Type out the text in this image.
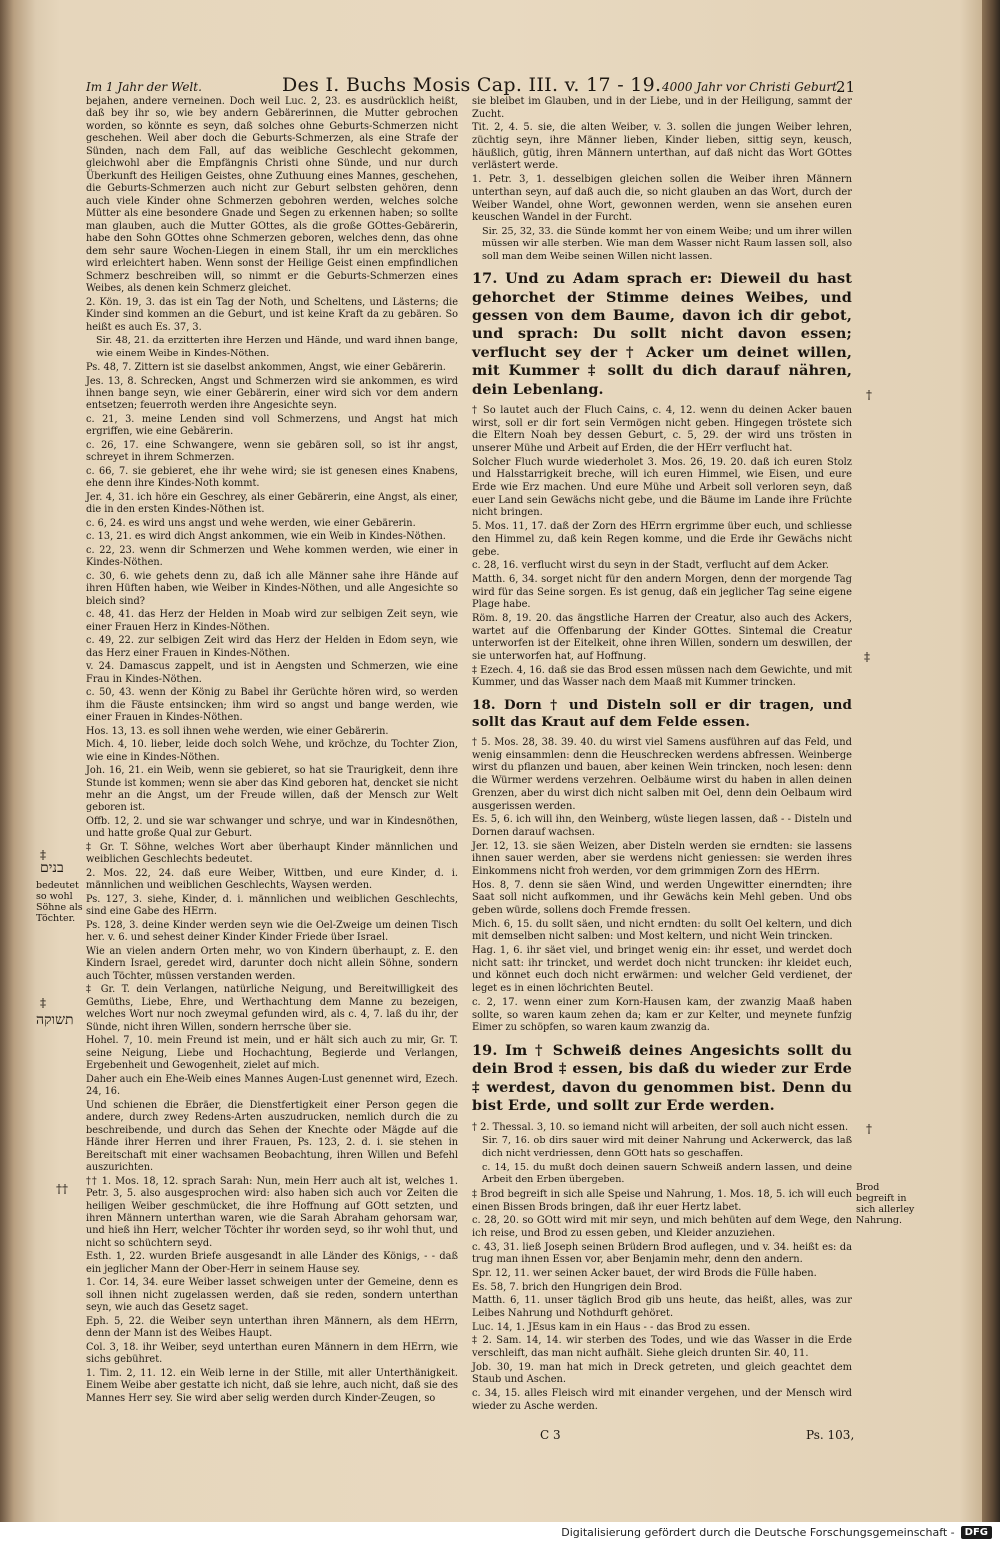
Im 1 Jahr der Welt.	Des I. Buchs Mosis Cap. III. v. 17 - 19. 4000 Jahr vor Christi Geburt.
21

bejahen, andere verneinen. Doch weil Luc. 2, 23. es ausdrücklich heißt, daß bey ihr so, wie bey andern Gebärerinnen, die Mutter gebrochen worden, so könnte es seyn, daß solches ohne Geburts-Schmerzen nicht geschehen. Weil aber doch die Geburts-Schmerzen, als eine Strafe der Sünden, nach dem Fall, auf das weibliche Geschlecht gekommen, gleichwohl aber die Empfängnis Christi ohne Sünde, und nur durch Überkunft des Heiligen Geistes, ohne Zuthuung eines Mannes, geschehen, die Geburts-Schmerzen auch nicht zur Geburt selbsten gehören, denn auch viele Kinder ohne Schmerzen gebohren werden, welches solche Mütter als eine besondere Gnade und Segen zu erkennen haben; so sollte man glauben, auch die Mutter GOttes, als die große GOttes-Gebärerin, habe den Sohn GOttes ohne Schmerzen geboren, welches denn, das ohne dem sehr saure Wochen-Liegen in einem Stall, ihr um ein merckliches wird erleichtert haben. Wenn sonst der Heilige Geist einen empfindlichen Schmerz beschreiben will, so nimmt er die Geburts-Schmerzen eines Weibes, als denen kein Schmerz gleichet.

2. Kön. 19, 3. das ist ein Tag der Noth, und Scheltens, und Lästerns; die Kinder sind kommen an die Geburt, und ist keine Kraft da zu gebären. So heißt es auch Es. 37, 3.

Sir. 48, 21. da erzitterten ihre Herzen und Hände, und ward ihnen bange, wie einem Weibe in Kindes-Nöthen.

Ps. 48, 7. Zittern ist sie daselbst ankommen, Angst, wie einer Gebärerin.

Jes. 13, 8. Schrecken, Angst und Schmerzen wird sie ankommen, es wird ihnen bange seyn, wie einer Gebärerin, einer wird sich vor dem andern entsetzen; feuerroth werden ihre Angesichte seyn.

c. 21, 3. meine Lenden sind voll Schmerzens, und Angst hat mich ergriffen, wie eine Gebärerin.

c. 26, 17. eine Schwangere, wenn sie gebären soll, so ist ihr angst, schreyet in ihrem Schmerzen.

c. 66, 7. sie gebieret, ehe ihr wehe wird; sie ist genesen eines Knabens, ehe denn ihre Kindes-Noth kommt.

Jer. 4, 31. ich höre ein Geschrey, als einer Gebärerin, eine Angst, als einer, die in den ersten Kindes-Nöthen ist.

c. 6, 24. es wird uns angst und wehe werden, wie einer Gebärerin.

c. 13, 21. es wird dich Angst ankommen, wie ein Weib in Kindes-Nöthen.

c. 22, 23. wenn dir Schmerzen und Wehe kommen werden, wie einer in Kindes-Nöthen.

c. 30, 6. wie gehets denn zu, daß ich alle Männer sahe ihre Hände auf ihren Hüften haben, wie Weiber in Kindes-Nöthen, und alle Angesichte so bleich sind?

c. 48, 41. das Herz der Helden in Moab wird zur selbigen Zeit seyn, wie einer Frauen Herz in Kindes-Nöthen.

c. 49, 22. zur selbigen Zeit wird das Herz der Helden in Edom seyn, wie das Herz einer Frauen in Kindes-Nöthen.

v. 24. Damascus zappelt, und ist in Aengsten und Schmerzen, wie eine Frau in Kindes-Nöthen.

c. 50, 43. wenn der König zu Babel ihr Gerüchte hören wird, so werden ihm die Fäuste entsincken; ihm wird so angst und bange werden, wie einer Frauen in Kindes-Nöthen.

Hos. 13, 13. es soll ihnen wehe werden, wie einer Gebärerin.

Mich. 4, 10. lieber, leide doch solch Wehe, und kröchze, du Tochter Zion, wie eine in Kindes-Nöthen.

Joh. 16, 21. ein Weib, wenn sie gebieret, so hat sie Traurigkeit, denn ihre Stunde ist kommen; wenn sie aber das Kind geboren hat, dencket sie nicht mehr an die Angst, um der Freude willen, daß der Mensch zur Welt geboren ist.

Offb. 12, 2. und sie war schwanger und schrye, und war in Kindesnöthen, und hatte große Qual zur Geburt.

‡ Gr. T. Söhne, welches Wort aber überhaupt Kinder männlichen und weiblichen Geschlechts bedeutet.

2. Mos. 22, 24. daß eure Weiber, Wittben, und eure Kinder, d. i. männlichen und weiblichen Geschlechts, Waysen werden.

Ps. 127, 3. siehe, Kinder, d. i. männlichen und weiblichen Geschlechts, sind eine Gabe des HErrn.

Ps. 128, 3. deine Kinder werden seyn wie die Oel-Zweige um deinen Tisch her. v. 6. und sehest deiner Kinder Kinder Friede über Israel.

Wie an vielen andern Orten mehr, wo von Kindern überhaupt, z. E. den Kindern Israel, geredet wird, darunter doch nicht allein Söhne, sondern auch Töchter, müssen verstanden werden.

‡ Gr. T. dein Verlangen, natürliche Neigung, und Bereitwilligkeit des Gemüths, Liebe, Ehre, und Werthachtung dem Manne zu bezeigen, welches Wort nur noch zweymal gefunden wird, als c. 4, 7. laß du ihr, der Sünde, nicht ihren Willen, sondern herrsche über sie.

Hohel. 7, 10. mein Freund ist mein, und er hält sich auch zu mir, Gr. T. seine Neigung, Liebe und Hochachtung, Begierde und Verlangen, Ergebenheit und Gewogenheit, zielet auf mich.

Daher auch ein Ehe-Weib eines Mannes Augen-Lust genennet wird, Ezech. 24, 16.

Und schienen die Ebräer, die Dienstfertigkeit einer Person gegen die andere, durch zwey Redens-Arten auszudrucken, nemlich durch die zu beschreibende, und durch das Sehen der Knechte oder Mägde auf die Hände ihrer Herren und ihrer Frauen, Ps. 123, 2. d. i. sie stehen in Bereitschaft mit einer wachsamen Beobachtung, ihren Willen und Befehl auszurichten.

†† 1. Mos. 18, 12. sprach Sarah: Nun, mein Herr auch alt ist, welches 1. Petr. 3, 5. also ausgesprochen wird: also haben sich auch vor Zeiten die heiligen Weiber geschmücket, die ihre Hoffnung auf GOtt setzten, und ihren Männern unterthan waren, wie die Sarah Abraham gehorsam war, und hieß ihn Herr, welcher Töchter ihr worden seyd, so ihr wohl thut, und nicht so schüchtern seyd.

Esth. 1, 22. wurden Briefe ausgesandt in alle Länder des Königs, - - daß ein jeglicher Mann der Ober-Herr in seinem Hause sey.

1. Cor. 14, 34. eure Weiber lasset schweigen unter der Gemeine, denn es soll ihnen nicht zugelassen werden, daß sie reden, sondern unterthan seyn, wie auch das Gesetz saget.

Eph. 5, 22. die Weiber seyn unterthan ihren Männern, als dem HErrn, denn der Mann ist des Weibes Haupt.

Col. 3, 18. ihr Weiber, seyd unterthan euren Männern in dem HErrn, wie sichs gebühret.

1. Tim. 2, 11. 12. ein Weib lerne in der Stille, mit aller Unterthänigkeit. Einem Weibe aber gestatte ich nicht, daß sie lehre, auch nicht, daß sie des Mannes Herr sey. Sie wird aber selig werden durch Kinder-Zeugen, so

sie bleibet im Glauben, und in der Liebe, und in der Heiligung, sammt der Zucht.

Tit. 2, 4. 5. sie, die alten Weiber, v. 3. sollen die jungen Weiber lehren, züchtig seyn, ihre Männer lieben, Kinder lieben, sittig seyn, keusch, häußlich, gütig, ihren Männern unterthan, auf daß nicht das Wort GOttes verlästert werde.

1. Petr. 3, 1. desselbigen gleichen sollen die Weiber ihren Männern unterthan seyn, auf daß auch die, so nicht glauben an das Wort, durch der Weiber Wandel, ohne Wort, gewonnen werden, wenn sie ansehen euren keuschen Wandel in der Furcht.

Sir. 25, 32, 33. die Sünde kommt her von einem Weibe; und um ihrer willen müssen wir alle sterben. Wie man dem Wasser nicht Raum lassen soll, also soll man dem Weibe seinen Willen nicht lassen.

17. Und zu Adam sprach er: Dieweil du hast gehorchet der Stimme deines Weibes, und gessen von dem Baume, davon ich dir gebot, und sprach: Du sollt nicht davon essen; verflucht sey der † Acker um deinet willen, mit Kummer ‡ sollt du dich darauf nähren, dein Lebenlang.

† So lautet auch der Fluch Cains, c. 4, 12. wenn du deinen Acker bauen wirst, soll er dir fort sein Vermögen nicht geben. Hingegen tröstete sich die Eltern Noah bey dessen Geburt, c. 5, 29. der wird uns trösten in unserer Mühe und Arbeit auf Erden, die der HErr verflucht hat.

Solcher Fluch wurde wiederholet 3. Mos. 26, 19. 20. daß ich euren Stolz und Halsstarrigkeit breche, will ich euren Himmel, wie Eisen, und eure Erde wie Erz machen. Und eure Mühe und Arbeit soll verloren seyn, daß euer Land sein Gewächs nicht gebe, und die Bäume im Lande ihre Früchte nicht bringen.

5. Mos. 11, 17. daß der Zorn des HErrn ergrimme über euch, und schliesse den Himmel zu, daß kein Regen komme, und die Erde ihr Gewächs nicht gebe.

c. 28, 16. verflucht wirst du seyn in der Stadt, verflucht auf dem Acker.

Matth. 6, 34. sorget nicht für den andern Morgen, denn der morgende Tag wird für das Seine sorgen. Es ist genug, daß ein jeglicher Tag seine eigene Plage habe.

Röm. 8, 19. 20. das ängstliche Harren der Creatur, also auch des Ackers, wartet auf die Offenbarung der Kinder GOttes. Sintemal die Creatur unterworfen ist der Eitelkeit, ohne ihren Willen, sondern um deswillen, der sie unterworfen hat, auf Hoffnung.

‡ Ezech. 4, 16. daß sie das Brod essen müssen nach dem Gewichte, und mit Kummer, und das Wasser nach dem Maaß mit Kummer trincken.

18. Dorn † und Disteln soll er dir tragen, und sollt das Kraut auf dem Felde essen.

† 5. Mos. 28, 38. 39. 40. du wirst viel Samens ausführen auf das Feld, und wenig einsammlen: denn die Heuschrecken werdens abfressen. Weinberge wirst du pflanzen und bauen, aber keinen Wein trincken, noch lesen: denn die Würmer werdens verzehren. Oelbäume wirst du haben in allen deinen Grenzen, aber du wirst dich nicht salben mit Oel, denn dein Oelbaum wird ausgerissen werden.

Es. 5, 6. ich will ihn, den Weinberg, wüste liegen lassen, daß - - Disteln und Dornen darauf wachsen.

Jer. 12, 13. sie säen Weizen, aber Disteln werden sie erndten: sie lassens ihnen sauer werden, aber sie werdens nicht geniessen: sie werden ihres Einkommens nicht froh werden, vor dem grimmigen Zorn des HErrn.

Hos. 8, 7. denn sie säen Wind, und werden Ungewitter einerndten; ihre Saat soll nicht aufkommen, und ihr Gewächs kein Mehl geben. Und obs geben würde, sollens doch Fremde fressen.

Mich. 6, 15. du sollt säen, und nicht erndten: du sollt Oel keltern, und dich mit demselben nicht salben: und Most keltern, und nicht Wein trincken.

Hag. 1, 6. ihr säet viel, und bringet wenig ein: ihr esset, und werdet doch nicht satt: ihr trincket, und werdet doch nicht truncken: ihr kleidet euch, und könnet euch doch nicht erwärmen: und welcher Geld verdienet, der leget es in einen löchrichten Beutel.

c. 2, 17. wenn einer zum Korn-Hausen kam, der zwanzig Maaß haben sollte, so waren kaum zehen da; kam er zur Kelter, und meynete funfzig Eimer zu schöpfen, so waren kaum zwanzig da.

19. Im † Schweiß deines Angesichts sollt du dein Brod ‡ essen, bis daß du wieder zur Erde ‡ werdest, davon du genommen bist. Denn du bist Erde, und sollt zur Erde werden.

† 2. Thessal. 3, 10. so iemand nicht will arbeiten, der soll auch nicht essen.

Sir. 7, 16. ob dirs sauer wird mit deiner Nahrung und Ackerwerck, das laß dich nicht verdriessen, denn GOtt hats so geschaffen.

c. 14, 15. du mußt doch deinen sauern Schweiß andern lassen, und deine Arbeit den Erben übergeben.

‡ Brod begreift in sich alle Speise und Nahrung, 1. Mos. 18, 5. ich will euch einen Bissen Brods bringen, daß ihr euer Hertz labet.

c. 28, 20. so GOtt wird mit mir seyn, und mich behüten auf dem Wege, den ich reise, und Brod zu essen geben, und Kleider anzuziehen.

c. 43, 31. ließ Joseph seinen Brüdern Brod auflegen, und v. 34. heißt es: da trug man ihnen Essen vor, aber Benjamin mehr, denn den andern.

Spr. 12, 11. wer seinen Acker bauet, der wird Brods die Fülle haben.

Es. 58, 7. brich den Hungrigen dein Brod.

Matth. 6, 11. unser täglich Brod gib uns heute, das heißt, alles, was zur Leibes Nahrung und Nothdurft gehöret.

Luc. 14, 1. JEsus kam in ein Haus - - das Brod zu essen.

‡ 2. Sam. 14, 14. wir sterben des Todes, und wie das Wasser in die Erde verschleift, das man nicht aufhält. Siehe gleich drunten Sir. 40, 11.

Job. 30, 19. man hat mich in Dreck getreten, und gleich geachtet dem Staub und Aschen.

c. 34, 15. alles Fleisch wird mit einander vergehen, und der Mensch wird wieder zu Asche werden.

‡
בנים
bedeutet so wohl Söhne als Töchter.
‡
תשוקה
††
†
‡
†
Brod begreift in sich allerley Nahrung.
C 3	Ps. 103,
Digitalisierung gefördert durch die Deutsche Forschungsgemeinschaft -	DFG
